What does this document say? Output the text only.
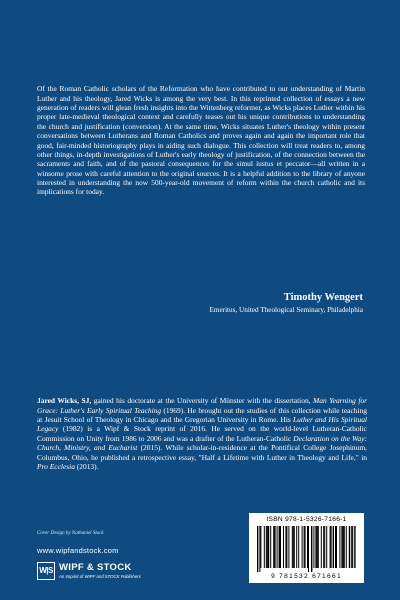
Of the Roman Catholic scholars of the Reformation who have contributed to our understanding of Martin Luther and his theology, Jared Wicks is among the very best. In this reprinted collection of essays a new generation of readers will glean fresh insights into the Wittenberg reformer, as Wicks places Luther within his proper late-medieval theological context and carefully teases out his unique contributions to understanding the church and justification (conversion). At the same time, Wicks situates Luther's theology within present conversations between Lutherans and Roman Catholics and proves again and again the important role that good, fair-minded historiography plays in aiding such dialogue. This collection will treat readers to, among other things, in-depth investigations of Luther's early theology of justification, of the connection between the sacraments and faith, and of the pastoral consequences for the simul iustus et peccator—all written in a winsome prose with careful attention to the original sources. It is a helpful addition to the library of anyone interested in understanding the now 500-year-old movement of reform within the church catholic and its implications for today.

Timothy Wengert
Emeritus, United Theological Seminary, Philadelphia

Jared Wicks, SJ, gained his doctorate at the University of Münster with the dissertation, Man Yearning for Grace: Luther's Early Spiritual Teaching (1969). He brought out the studies of this collection while teaching at Jesuit School of Theology in Chicago and the Gregorian University in Rome. His Luther and His Spiritual Legacy (1982) is a Wipf & Stock reprint of 2016. He served on the world-level Lutheran-Catholic Commission on Unity from 1986 to 2006 and was a drafter of the Lutheran-Catholic Declaration on the Way: Church, Ministry, and Eucharist (2015). While scholar-in-residence at the Pontifical College Josephinum, Columbus, Ohio, he published a retrospective essay, "Half a Lifetime with Luther in Theology and Life," in Pro Ecclesia (2013).

Cover Design by Nathaniel Stock
www.wipfandstock.com
W|S WIPF & STOCK
An Imprint of WIPF and STOCK Publishers
ISBN 978-1-5326-7166-1
9 781532 671661
